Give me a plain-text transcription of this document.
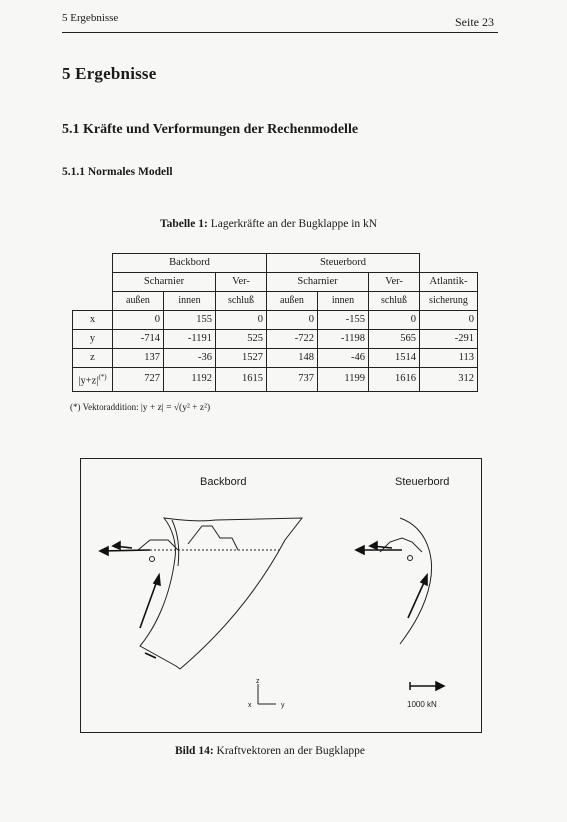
5 Ergebnisse	Seite 23
5 Ergebnisse
5.1 Kräfte und Verformungen der Rechenmodelle
5.1.1 Normales Modell
Tabelle 1: Lagerkräfte an der Bugklappe in kN
	Backbord			Steuerbord			
	Scharnier		Ver-	Scharnier		Ver-	Atlantik-
	außen	innen	schluß	außen	innen	schluß	sicherung
x	0	155	0	0	-155	0	0
y	-714	-1191	525	-722	-1198	565	-291
z	137	-36	1527	148	-46	1514	113
|y+z|(*)	727	1192	1615	737	1199	1616	312
(*) Vektoraddition: |y + z| = √(y² + z²)
Backbord	Steuerbord
z
x	y	1000 kN
Bild 14: Kraftvektoren an der Bugklappe
